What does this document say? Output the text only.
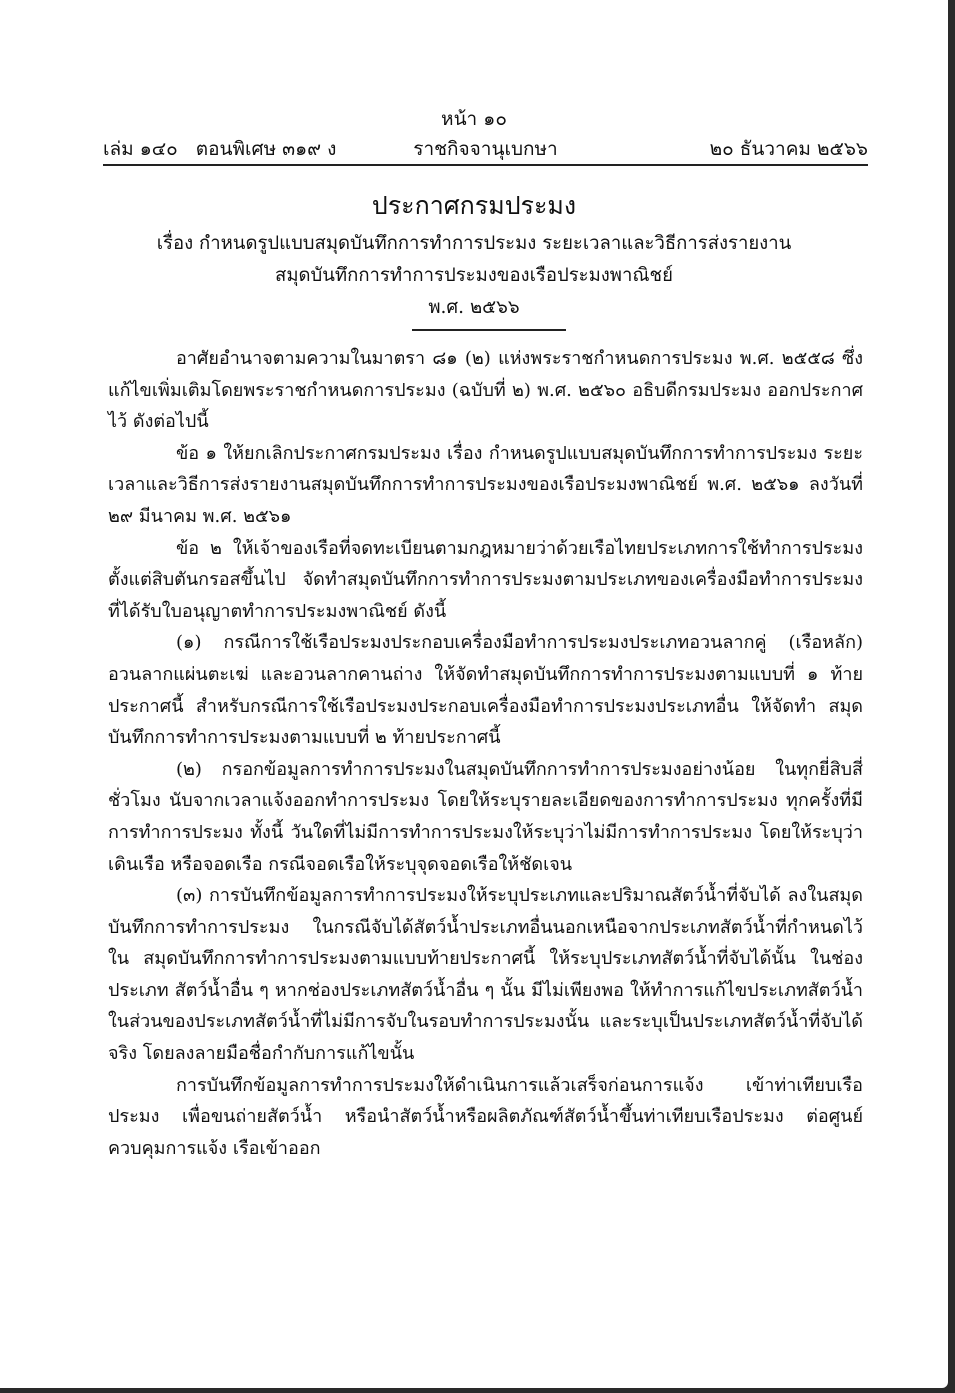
หน้า ๑๐
เล่ม ๑๔๐ ตอนพิเศษ ๓๑๙ ง	ราชกิจจานุเบกษา	๒๐ ธันวาคม ๒๕๖๖
ประกาศกรมประมง
เรื่อง กำหนดรูปแบบสมุดบันทึกการทำการประมง ระยะเวลาและวิธีการส่งรายงาน
สมุดบันทึกการทำการประมงของเรือประมงพาณิชย์
พ.ศ. ๒๕๖๖

อาศัยอำนาจตามความในมาตรา ๘๑ (๒) แห่งพระราชกำหนดการประมง พ.ศ. ๒๕๕๘ ซึ่งแก้ไขเพิ่มเติมโดยพระราชกำหนดการประมง (ฉบับที่ ๒) พ.ศ. ๒๕๖๐ อธิบดีกรมประมง ออกประกาศไว้ ดังต่อไปนี้

ข้อ ๑ ให้ยกเลิกประกาศกรมประมง เรื่อง กำหนดรูปแบบสมุดบันทึกการทำการประมง ระยะเวลาและวิธีการส่งรายงานสมุดบันทึกการทำการประมงของเรือประมงพาณิชย์ พ.ศ. ๒๕๖๑ ลงวันที่ ๒๙ มีนาคม พ.ศ. ๒๕๖๑

ข้อ ๒ ให้เจ้าของเรือที่จดทะเบียนตามกฎหมายว่าด้วยเรือไทยประเภทการใช้ทำการประมง ตั้งแต่สิบตันกรอสขึ้นไป จัดทำสมุดบันทึกการทำการประมงตามประเภทของเครื่องมือทำการประมง ที่ได้รับใบอนุญาตทำการประมงพาณิชย์ ดังนี้

(๑) กรณีการใช้เรือประมงประกอบเครื่องมือทำการประมงประเภทอวนลากคู่ (เรือหลัก) อวนลากแผ่นตะเฆ่ และอวนลากคานถ่าง ให้จัดทำสมุดบันทึกการทำการประมงตามแบบที่ ๑ ท้ายประกาศนี้ สำหรับกรณีการใช้เรือประมงประกอบเครื่องมือทำการประมงประเภทอื่น ให้จัดทำ สมุดบันทึกการทำการประมงตามแบบที่ ๒ ท้ายประกาศนี้

(๒) กรอกข้อมูลการทำการประมงในสมุดบันทึกการทำการประมงอย่างน้อย ในทุกยี่สิบสี่ชั่วโมง นับจากเวลาแจ้งออกทำการประมง โดยให้ระบุรายละเอียดของการทำการประมง ทุกครั้งที่มีการทำการประมง ทั้งนี้ วันใดที่ไม่มีการทำการประมงให้ระบุว่าไม่มีการทำการประมง โดยให้ระบุว่าเดินเรือ หรือจอดเรือ กรณีจอดเรือให้ระบุจุดจอดเรือให้ชัดเจน

(๓) การบันทึกข้อมูลการทำการประมงให้ระบุประเภทและปริมาณสัตว์น้ำที่จับได้ ลงในสมุด บันทึกการทำการประมง ในกรณีจับได้สัตว์น้ำประเภทอื่นนอกเหนือจากประเภทสัตว์น้ำที่กำหนดไว้ใน สมุดบันทึกการทำการประมงตามแบบท้ายประกาศนี้ ให้ระบุประเภทสัตว์น้ำที่จับได้นั้น ในช่องประเภท สัตว์น้ำอื่น ๆ หากช่องประเภทสัตว์น้ำอื่น ๆ นั้น มีไม่เพียงพอ ให้ทำการแก้ไขประเภทสัตว์น้ำ ในส่วนของประเภทสัตว์น้ำที่ไม่มีการจับในรอบทำการประมงนั้น และระบุเป็นประเภทสัตว์น้ำที่จับได้จริง โดยลงลายมือชื่อกำกับการแก้ไขนั้น

การบันทึกข้อมูลการทำการประมงให้ดำเนินการแล้วเสร็จก่อนการแจ้ง เข้าท่าเทียบเรือประมง เพื่อขนถ่ายสัตว์น้ำ หรือนำสัตว์น้ำหรือผลิตภัณฑ์สัตว์น้ำขึ้นท่าเทียบเรือประมง ต่อศูนย์ควบคุมการแจ้ง เรือเข้าออก
